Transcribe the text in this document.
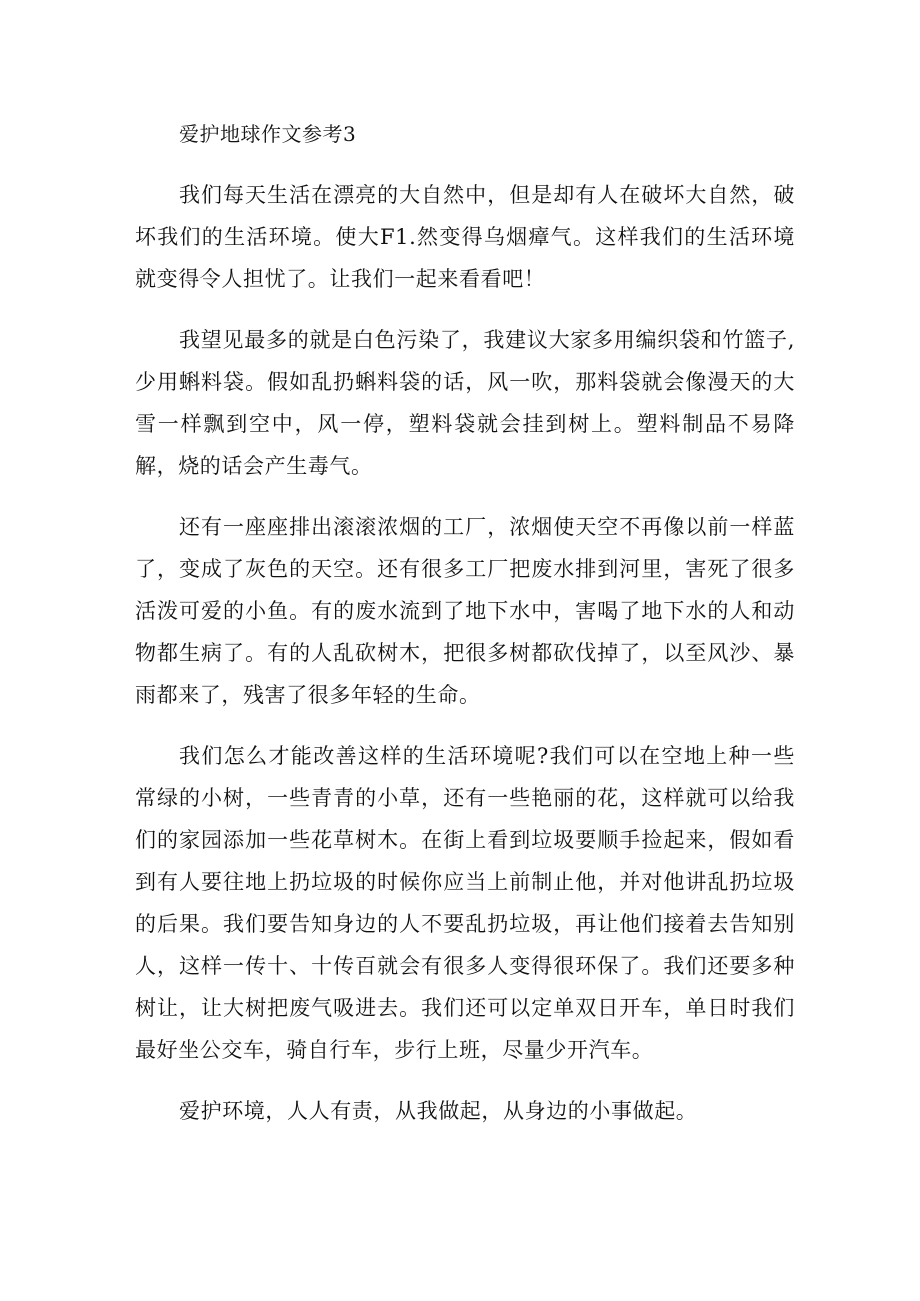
爱护地球作文参考3

我们每天生活在漂亮的大自然中，但是却有人在破坏大自然，破坏我们的生活环境。使大F1.然变得乌烟瘴气。这样我们的生活环境就变得令人担忧了。让我们一起来看看吧！

我望见最多的就是白色污染了，我建议大家多用编织袋和竹篮子,少用蝌料袋。假如乱扔蝌料袋的话，风一吹，那料袋就会像漫天的大雪一样飘到空中，风一停，塑料袋就会挂到树上。塑料制品不易降解，烧的话会产生毒气。

还有一座座排出滚滚浓烟的工厂，浓烟使天空不再像以前一样蓝了，变成了灰色的天空。还有很多工厂把废水排到河里，害死了很多活泼可爱的小鱼。有的废水流到了地下水中，害喝了地下水的人和动物都生病了。有的人乱砍树木，把很多树都砍伐掉了，以至风沙、暴雨都来了，残害了很多年轻的生命。

我们怎么才能改善这样的生活环境呢?我们可以在空地上种一些常绿的小树，一些青青的小草，还有一些艳丽的花，这样就可以给我们的家园添加一些花草树木。在街上看到垃圾要顺手捡起来，假如看到有人要往地上扔垃圾的时候你应当上前制止他，并对他讲乱扔垃圾的后果。我们要告知身边的人不要乱扔垃圾，再让他们接着去告知别人，这样一传十、十传百就会有很多人变得很环保了。我们还要多种树让，让大树把废气吸进去。我们还可以定单双日开车，单日时我们最好坐公交车，骑自行车，步行上班，尽量少开汽车。

爱护环境，人人有责，从我做起，从身边的小事做起。
